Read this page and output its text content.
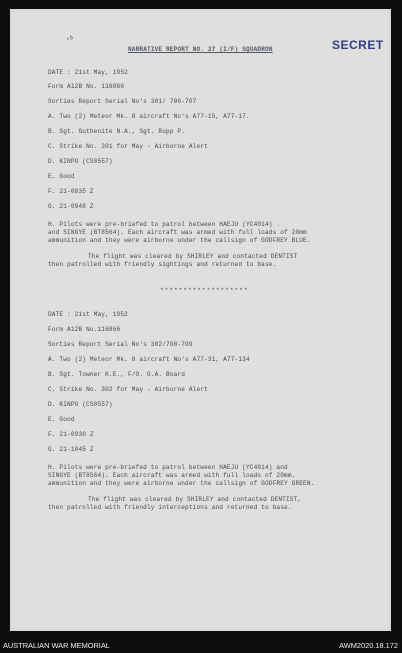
∘٥
NARRATIVE REPORT NO. 27 (I/F) SQUADRON	SECRET
DATE : 21st May, 1952
Form A12B No. 116866
Sorties Report Serial No's 301/ 706-707
A. Two (2) Meteor Mk. 8 aircraft No's A77-15, A77-17.
B. Sgt. Guthenite N.A., Sgt. Rupp P.
C. Strike No. 301 for May - Airborne Alert
D. KINPO (CS0557)
E. Good
F. 21-0835 Z
G. 21-0948 Z
H. Pilots were pre-briefed to patrol between HAEJU (YC4014) .
and SINGYE (BT8564). Each aircraft was armed with full loads of 20mm
ammunition and they were airborne under the callsign of GODFREY BLUE.
The flight was cleared by SHIRLEY and contacted DENTIST
then patrolled with friendly sightings and returned to base.
*******************
DATE : 21st May, 1952
Form A12B No.116866
Sorties Report Serial No's 302/708-709
A. Two (2) Meteor Mk. 8 aircraft No's A77-31, A77-134
B. Sgt. Towner K.E., F/O. G.A. Board
C. Strike No. 302 for May - Airborne Alert
D. KINPO (CS0557)
E. Good
F. 21-0930 Z
G. 21-1045 Z
H. Pilots were pre-briefed to patrol between HAEJU (YC4014) and
SINGYE (BT8564). Each aircraft was armed with full loads of 20mm.
ammunition and they were airborne under the callsign of GODFREY GREEN.
The flight was cleared by SHIRLEY and contacted DENTIST,
then patrolled with friendly interceptions and returned to base.
AUSTRALIAN WAR MEMORIAL	AWM2020.18.172
